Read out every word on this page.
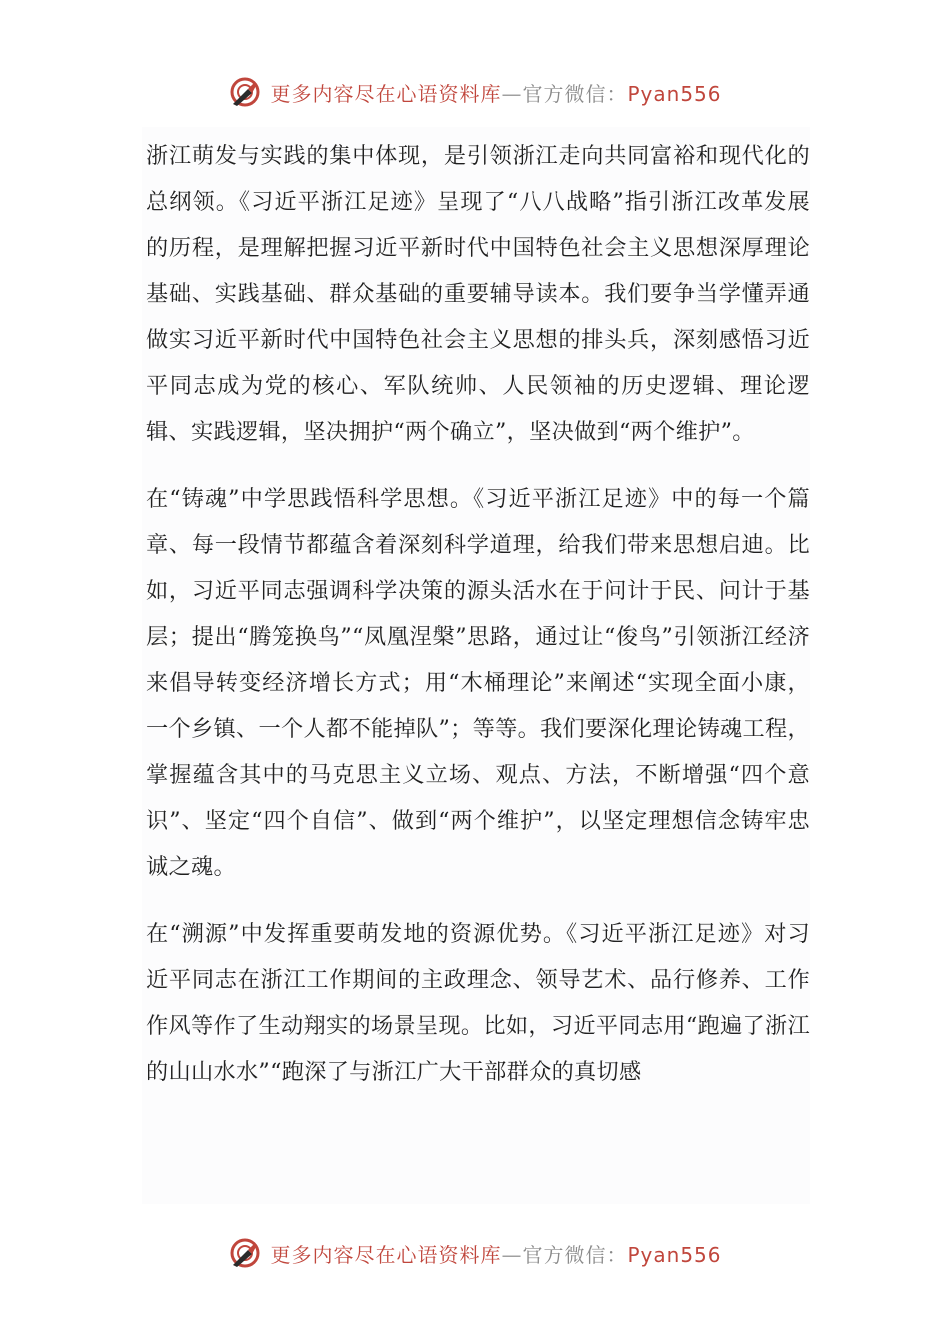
更多内容尽在心语资料库—官方微信：Pyan556

浙江萌发与实践的集中体现，是引领浙江走向共同富裕和现代化的总纲领。《习近平浙江足迹》呈现了“八八战略”指引浙江改革发展的历程，是理解把握习近平新时代中国特色社会主义思想深厚理论基础、实践基础、群众基础的重要辅导读本。我们要争当学懂弄通做实习近平新时代中国特色社会主义思想的排头兵，深刻感悟习近平同志成为党的核心、军队统帅、人民领袖的历史逻辑、理论逻辑、实践逻辑，坚决拥护“两个确立”，坚决做到“两个维护”。

在“铸魂”中学思践悟科学思想。《习近平浙江足迹》中的每一个篇章、每一段情节都蕴含着深刻科学道理，给我们带来思想启迪。比如，习近平同志强调科学决策的源头活水在于问计于民、问计于基层；提出“腾笼换鸟”“凤凰涅槃”思路，通过让“俊鸟”引领浙江经济来倡导转变经济增长方式；用“木桶理论”来阐述“实现全面小康，一个乡镇、一个人都不能掉队”；等等。我们要深化理论铸魂工程，掌握蕴含其中的马克思主义立场、观点、方法，不断增强“四个意识”、坚定“四个自信”、做到“两个维护”，以坚定理想信念铸牢忠诚之魂。

在“溯源”中发挥重要萌发地的资源优势。《习近平浙江足迹》对习近平同志在浙江工作期间的主政理念、领导艺术、品行修养、工作作风等作了生动翔实的场景呈现。比如，习近平同志用“跑遍了浙江的山山水水”“跑深了与浙江广大干部群众的真切感

更多内容尽在心语资料库—官方微信：Pyan556
